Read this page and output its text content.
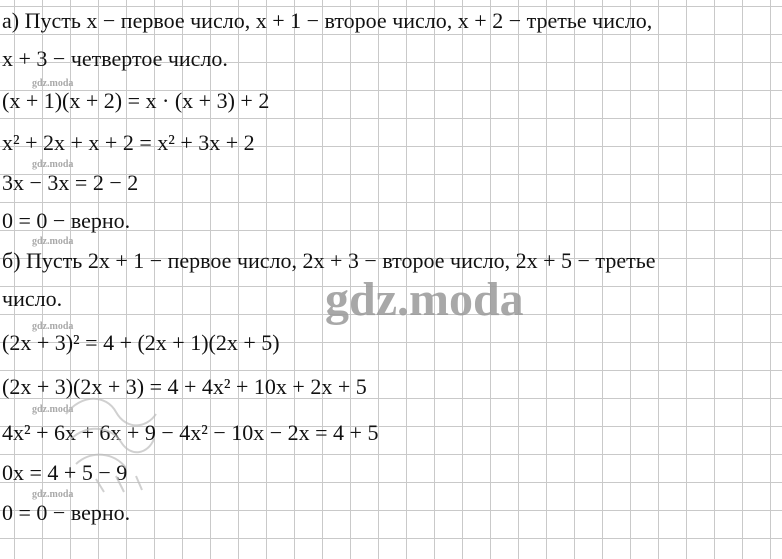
а) Пусть x − первое число, x + 1 − второе число, x + 2 − третье число,
x + 3 − четвертое число.
(x + 1)(x + 2) = x · (x + 3) + 2
x² + 2x + x + 2 = x² + 3x + 2
3x − 3x = 2 − 2
0 = 0 − верно.
б) Пусть 2x + 1 − первое число, 2x + 3 − второе число, 2x + 5 − третье
число.
(2x + 3)² = 4 + (2x + 1)(2x + 5)
(2x + 3)(2x + 3) = 4 + 4x² + 10x + 2x + 5
4x² + 6x + 6x + 9 − 4x² − 10x − 2x = 4 + 5
0x = 4 + 5 − 9
0 = 0 − верно.
gdz.moda
gdz.moda
gdz.moda
gdz.moda
gdz.moda
gdz.moda
gdz.moda
